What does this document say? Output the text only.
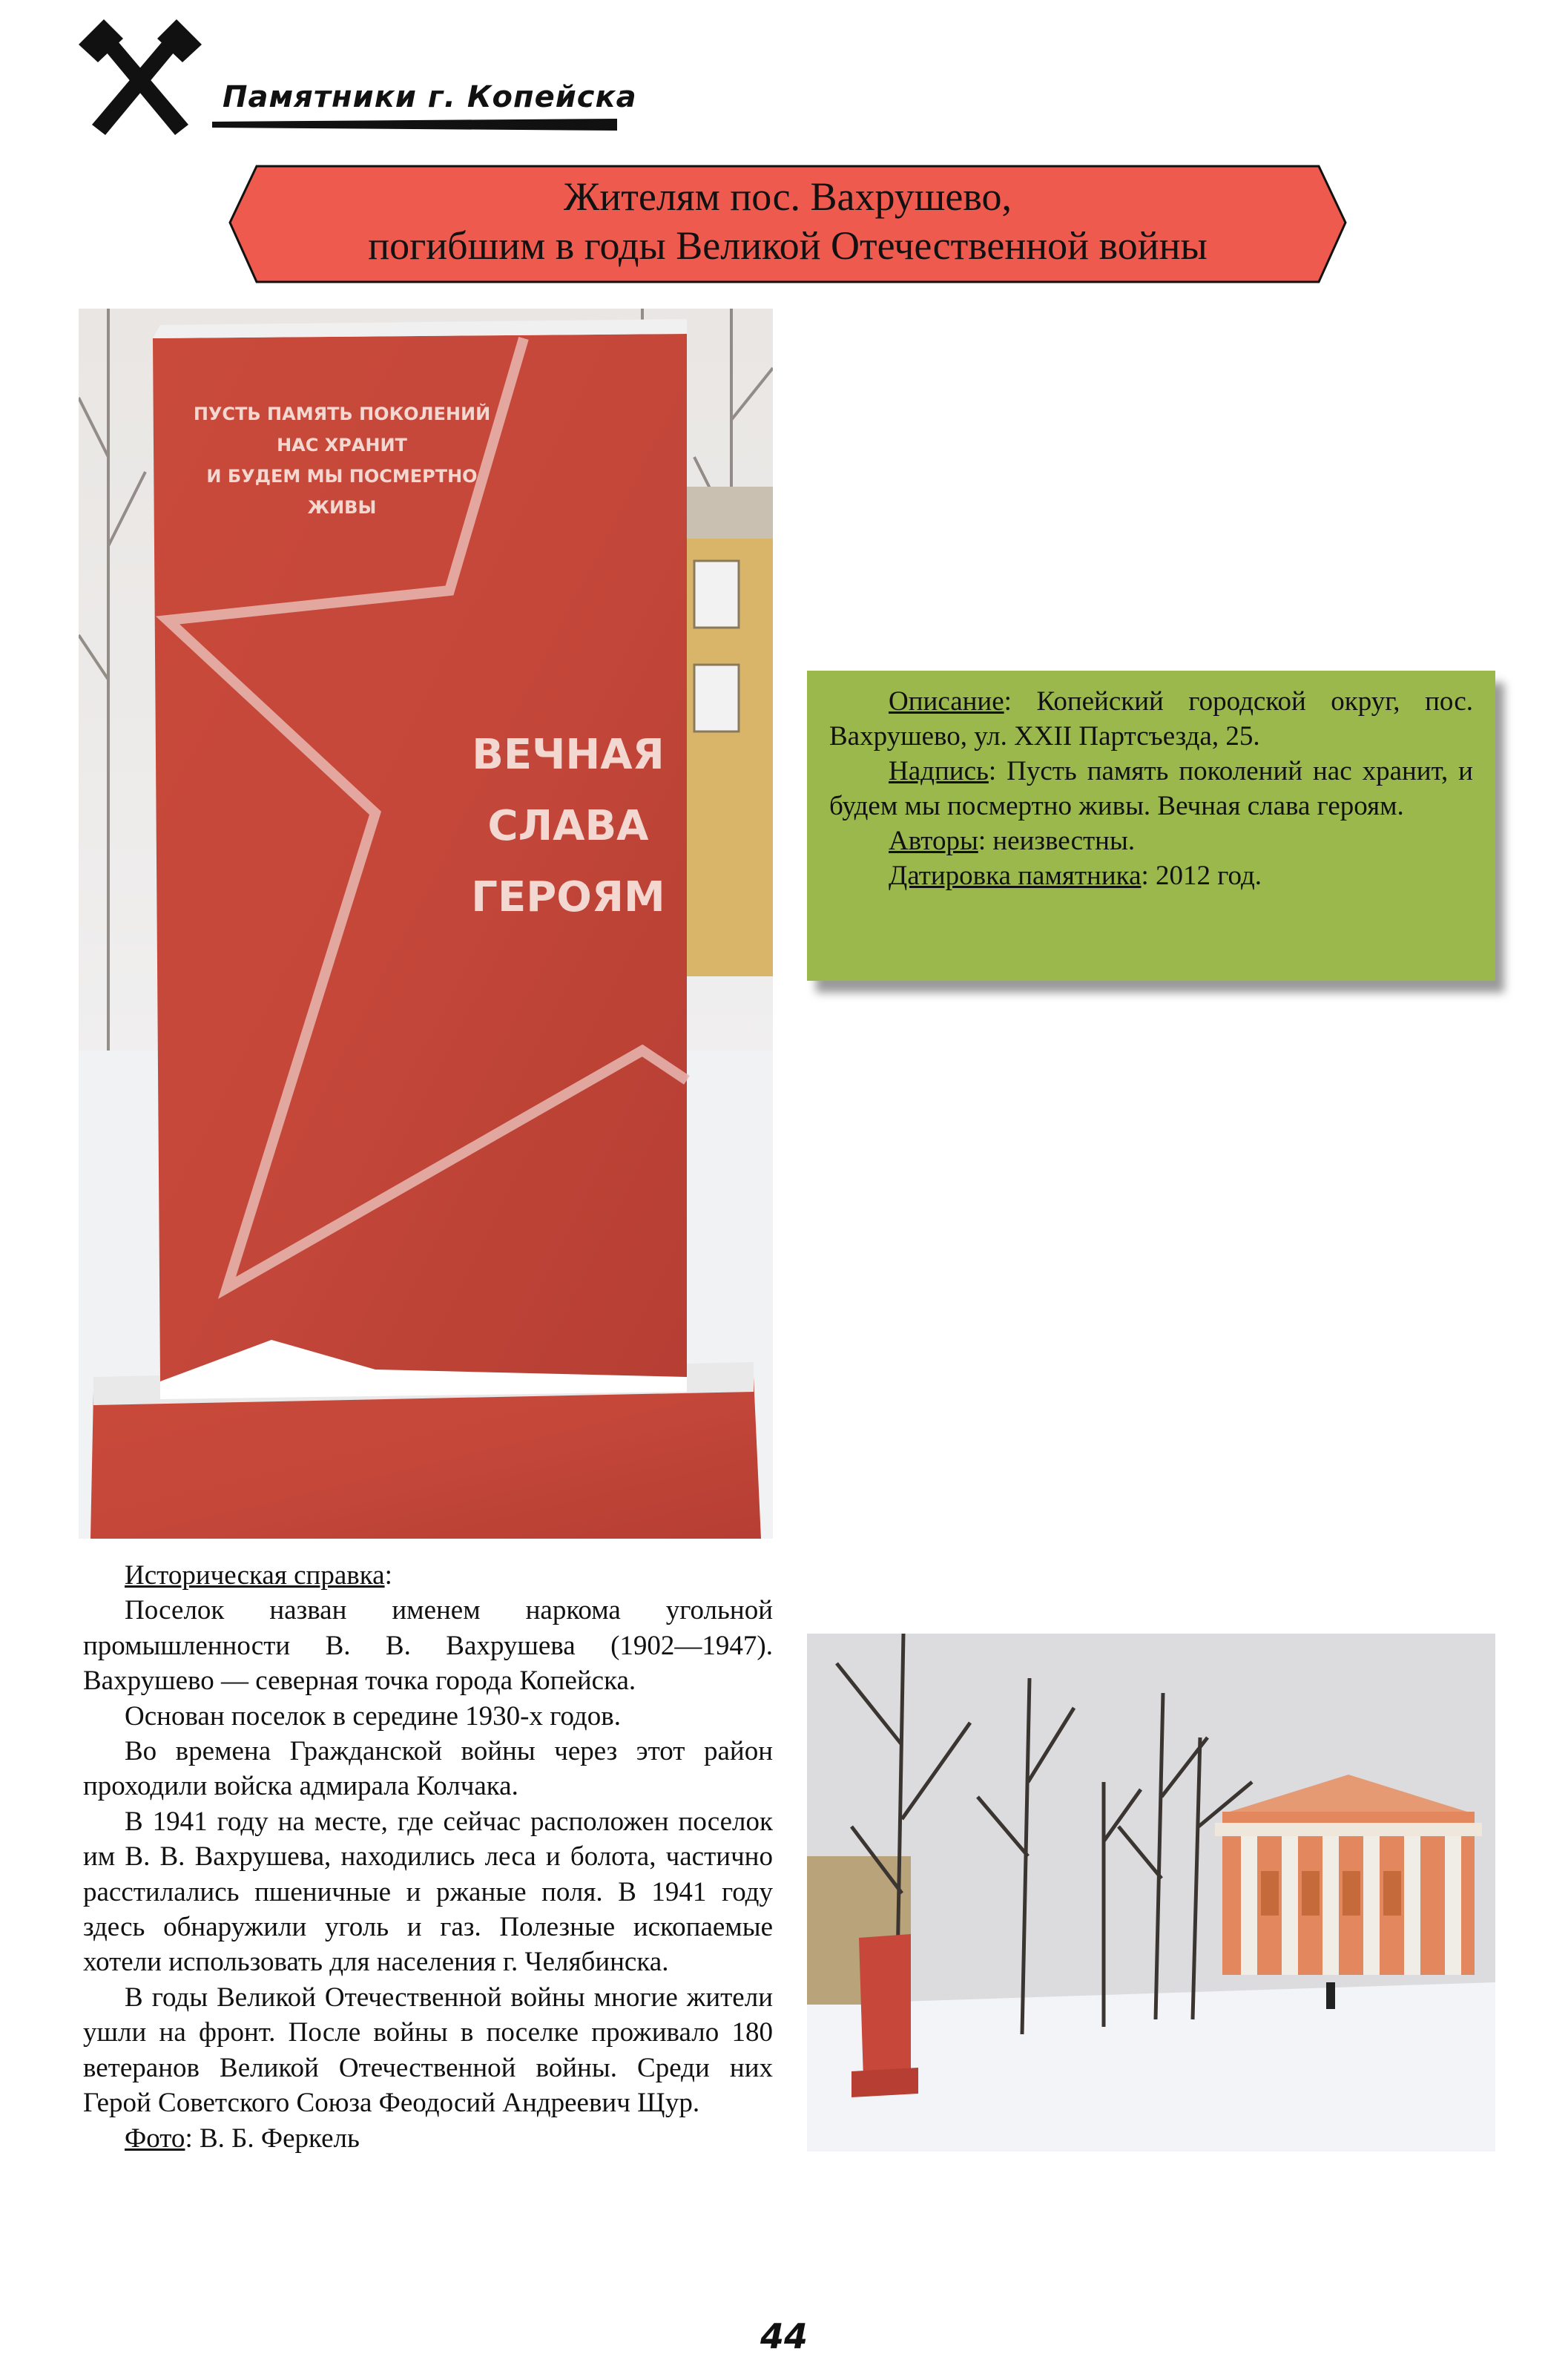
Памятники г. Копейска
Жителям пос. Вахрушево,
погибшим в годы Великой Отечественной войны
ПУСТЬ ПАМЯТЬ ПОКОЛЕНИЙ
НАС ХРАНИТ
И БУДЕМ МЫ ПОСМЕРТНО
ЖИВЫ
ВЕЧНАЯ
СЛАВА
ГЕРОЯМ

Описание: Копейский городской округ, пос. Вахрушево, ул. XXII Партсъезда, 25.

Надпись: Пусть память поколений нас хранит, и будем мы посмертно живы. Вечная слава героям.

Авторы: неизвестны.

Датировка памятника: 2012 год.

Историческая справка:

Поселок назван именем наркома угольной промышленности В. В. Вахрушева (1902—1947). Вахрушево — северная точка города Копейска.

Основан поселок в середине 1930-х годов.

Во времена Гражданской войны через этот район проходили войска адмирала Колчака.

В 1941 году на месте, где сейчас расположен поселок им В. В. Вахрушева, находились леса и болота, частично расстилались пшеничные и ржаные поля. В 1941 году здесь обнаружили уголь и газ. Полезные ископаемые хотели использовать для населения г. Челябинска.

В годы Великой Отечественной войны многие жители ушли на фронт. После войны в поселке проживало 180 ветеранов Великой Отечественной войны. Среди них Герой Советского Союза Феодосий Андреевич Щур.

Фото: В. Б. Феркель

44
